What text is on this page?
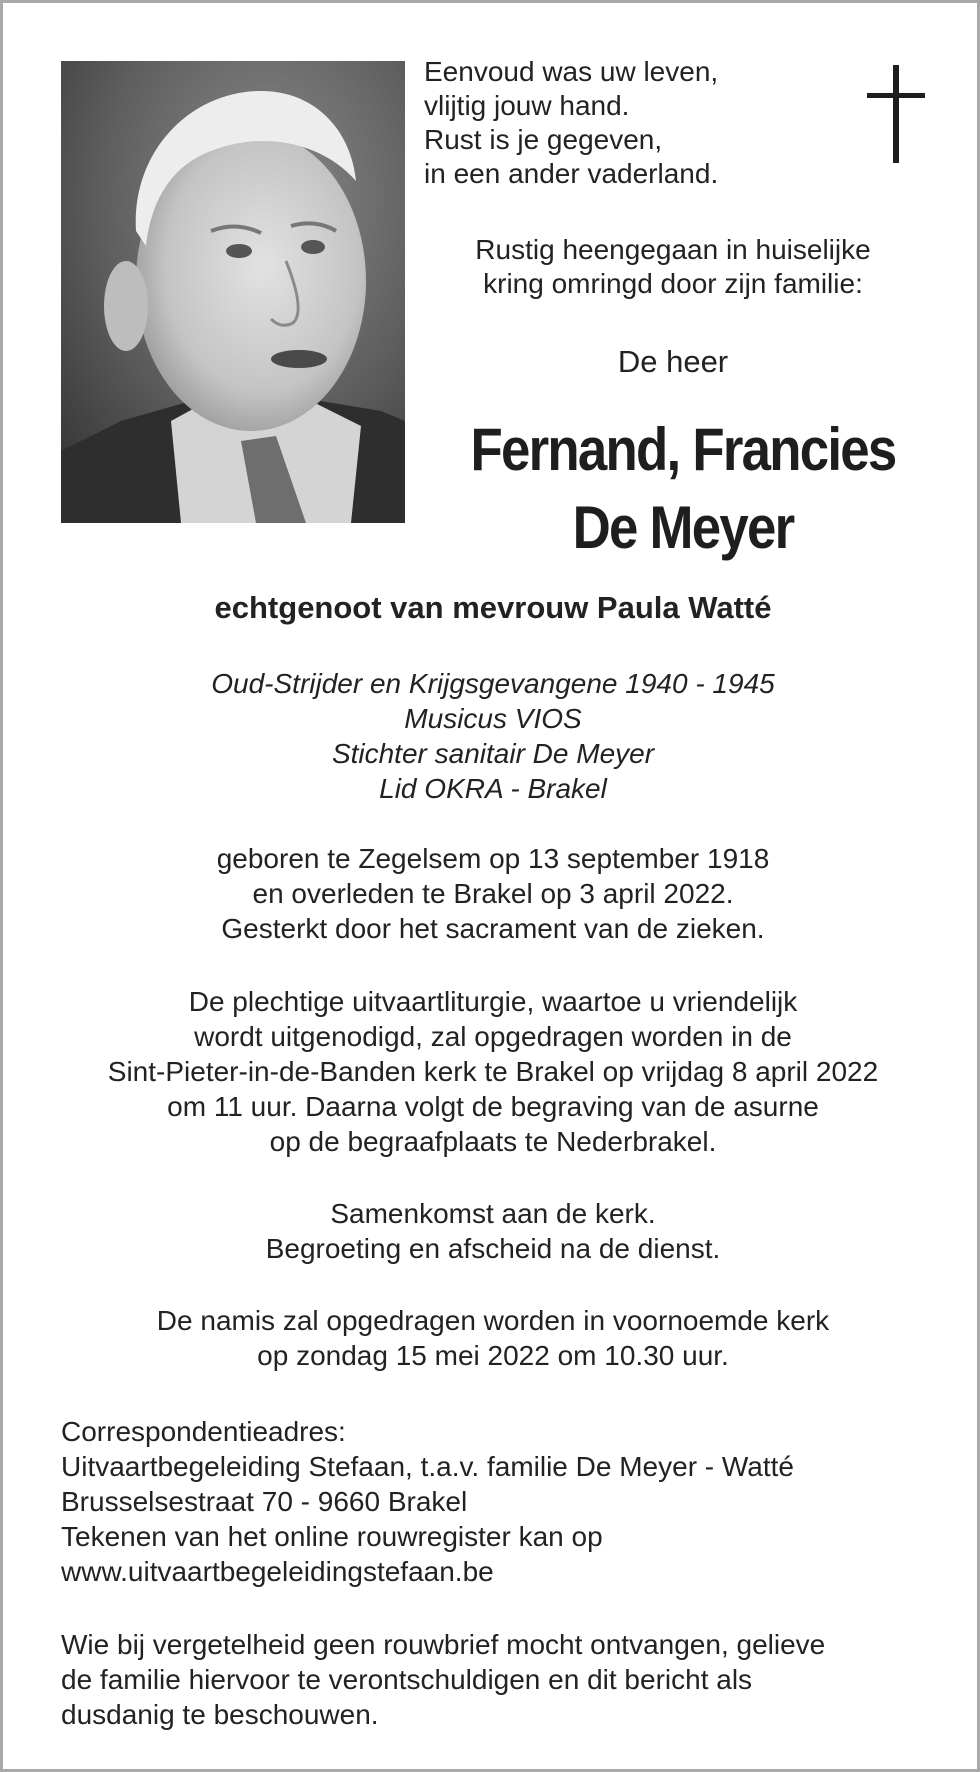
Eenvoud was uw leven,
vlijtig jouw hand.
Rust is je gegeven,
in een ander vaderland.
Rustig heengegaan in huiselijke
kring omringd door zijn familie:
De heer
Fernand, Francies
De Meyer
echtgenoot van mevrouw Paula Watté
Oud-Strijder en Krijgsgevangene 1940 - 1945
Musicus VIOS
Stichter sanitair De Meyer
Lid OKRA - Brakel
geboren te Zegelsem op 13 september 1918
en overleden te Brakel op 3 april 2022.
Gesterkt door het sacrament van de zieken.
De plechtige uitvaartliturgie, waartoe u vriendelijk
wordt uitgenodigd, zal opgedragen worden in de
Sint-Pieter-in-de-Banden kerk te Brakel op vrijdag 8 april 2022
om 11 uur. Daarna volgt de begraving van de asurne
op de begraafplaats te Nederbrakel.
Samenkomst aan de kerk.
Begroeting en afscheid na de dienst.
De namis zal opgedragen worden in voornoemde kerk
op zondag 15 mei 2022 om 10.30 uur.
Correspondentieadres:
Uitvaartbegeleiding Stefaan, t.a.v. familie De Meyer - Watté
Brusselsestraat 70 - 9660 Brakel
Tekenen van het online rouwregister kan op
www.uitvaartbegeleidingstefaan.be
Wie bij vergetelheid geen rouwbrief mocht ontvangen, gelieve
de familie hiervoor te verontschuldigen en dit bericht als
dusdanig te beschouwen.
